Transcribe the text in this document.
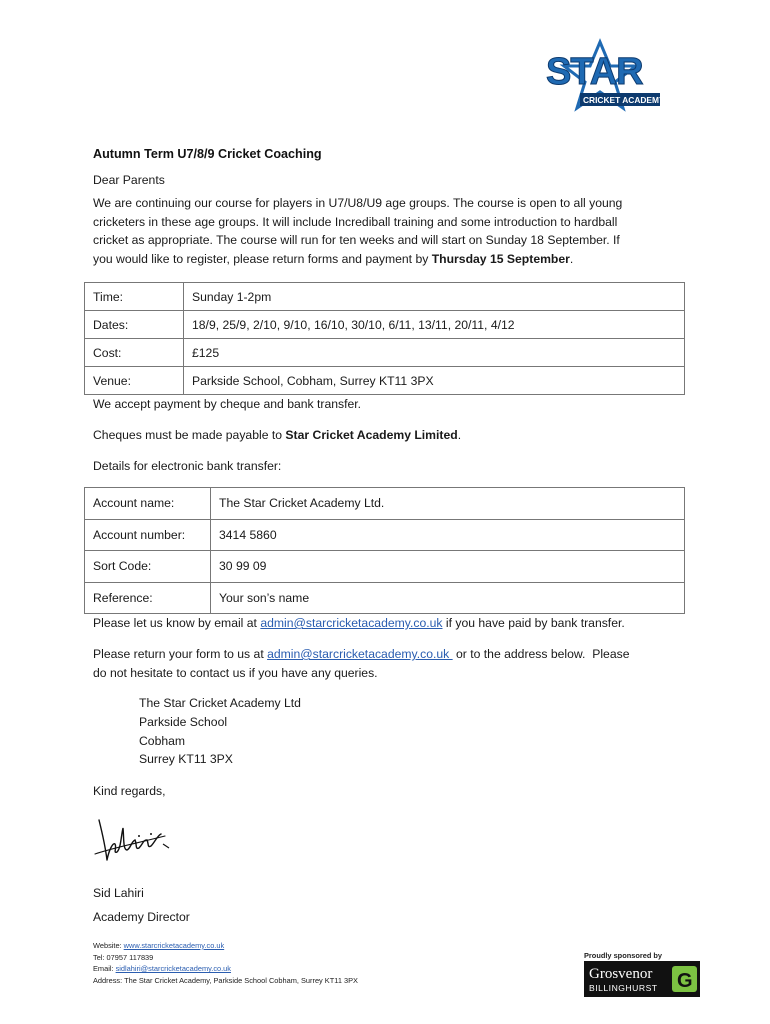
STAR
CRICKET ACADEMY
Autumn Term U7/8/9 Cricket Coaching
Dear Parents
We are continuing our course for players in U7/U8/U9 age groups. The course is open to all young
cricketers in these age groups. It will include Incrediball training and some introduction to hardball
cricket as appropriate. The course will run for ten weeks and will start on Sunday 18 September. If
you would like to register, please return forms and payment by Thursday 15 September.
Time:	Sunday 1-2pm
Dates:	18/9, 25/9, 2/10, 9/10, 16/10, 30/10, 6/11, 13/11, 20/11, 4/12
Cost:	£125
Venue:	Parkside School, Cobham, Surrey KT11 3PX
We accept payment by cheque and bank transfer.
Cheques must be made payable to Star Cricket Academy Limited.
Details for electronic bank transfer:
Account name:	The Star Cricket Academy Ltd.
Account number:	3414 5860
Sort Code:	30 99 09
Reference:	Your son’s name
Please let us know by email at admin@starcricketacademy.co.uk if you have paid by bank transfer.
Please return your form to us at admin@starcricketacademy.co.uk  or to the address below.  Please
do not hesitate to contact us if you have any queries.
The Star Cricket Academy Ltd
Parkside School
Cobham
Surrey KT11 3PX
Kind regards,
Sid Lahiri
Academy Director
Website: www.starcricketacademy.co.uk
Tel: 07957 117839
Email: sidlahiri@starcricketacademy.co.uk
Address: The Star Cricket Academy, Parkside School Cobham, Surrey KT11 3PX
Proudly sponsored by
Grosvenor
BILLINGHURST G
